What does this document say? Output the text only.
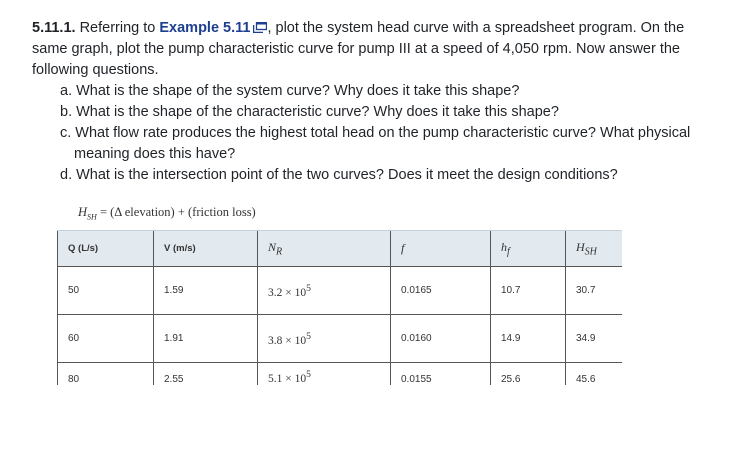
5.11.1. Referring to Example 5.11 , plot the system head curve with a spreadsheet program. On the same graph, plot the pump characteristic curve for pump III at a speed of 4,050 rpm. Now answer the following questions.
a. What is the shape of the system curve? Why does it take this shape?
b. What is the shape of the characteristic curve? Why does it take this shape?
c. What flow rate produces the highest total head on the pump characteristic curve? What physical meaning does this have?
d. What is the intersection point of the two curves? Does it meet the design conditions?
$H_{SH} = (\Delta$ elevation) + (friction loss)
Q (L/s)	V (m/s)	$N_R$	f	$h_f$	$H_{SH}$
50	1.59	$3.2 \times 10^5$	0.0165	10.7	30.7
60	1.91	$3.8 \times 10^5$	0.0160	14.9	34.9
80	2.55	$5.1 \times 10^5$	0.0155	25.6	45.6
